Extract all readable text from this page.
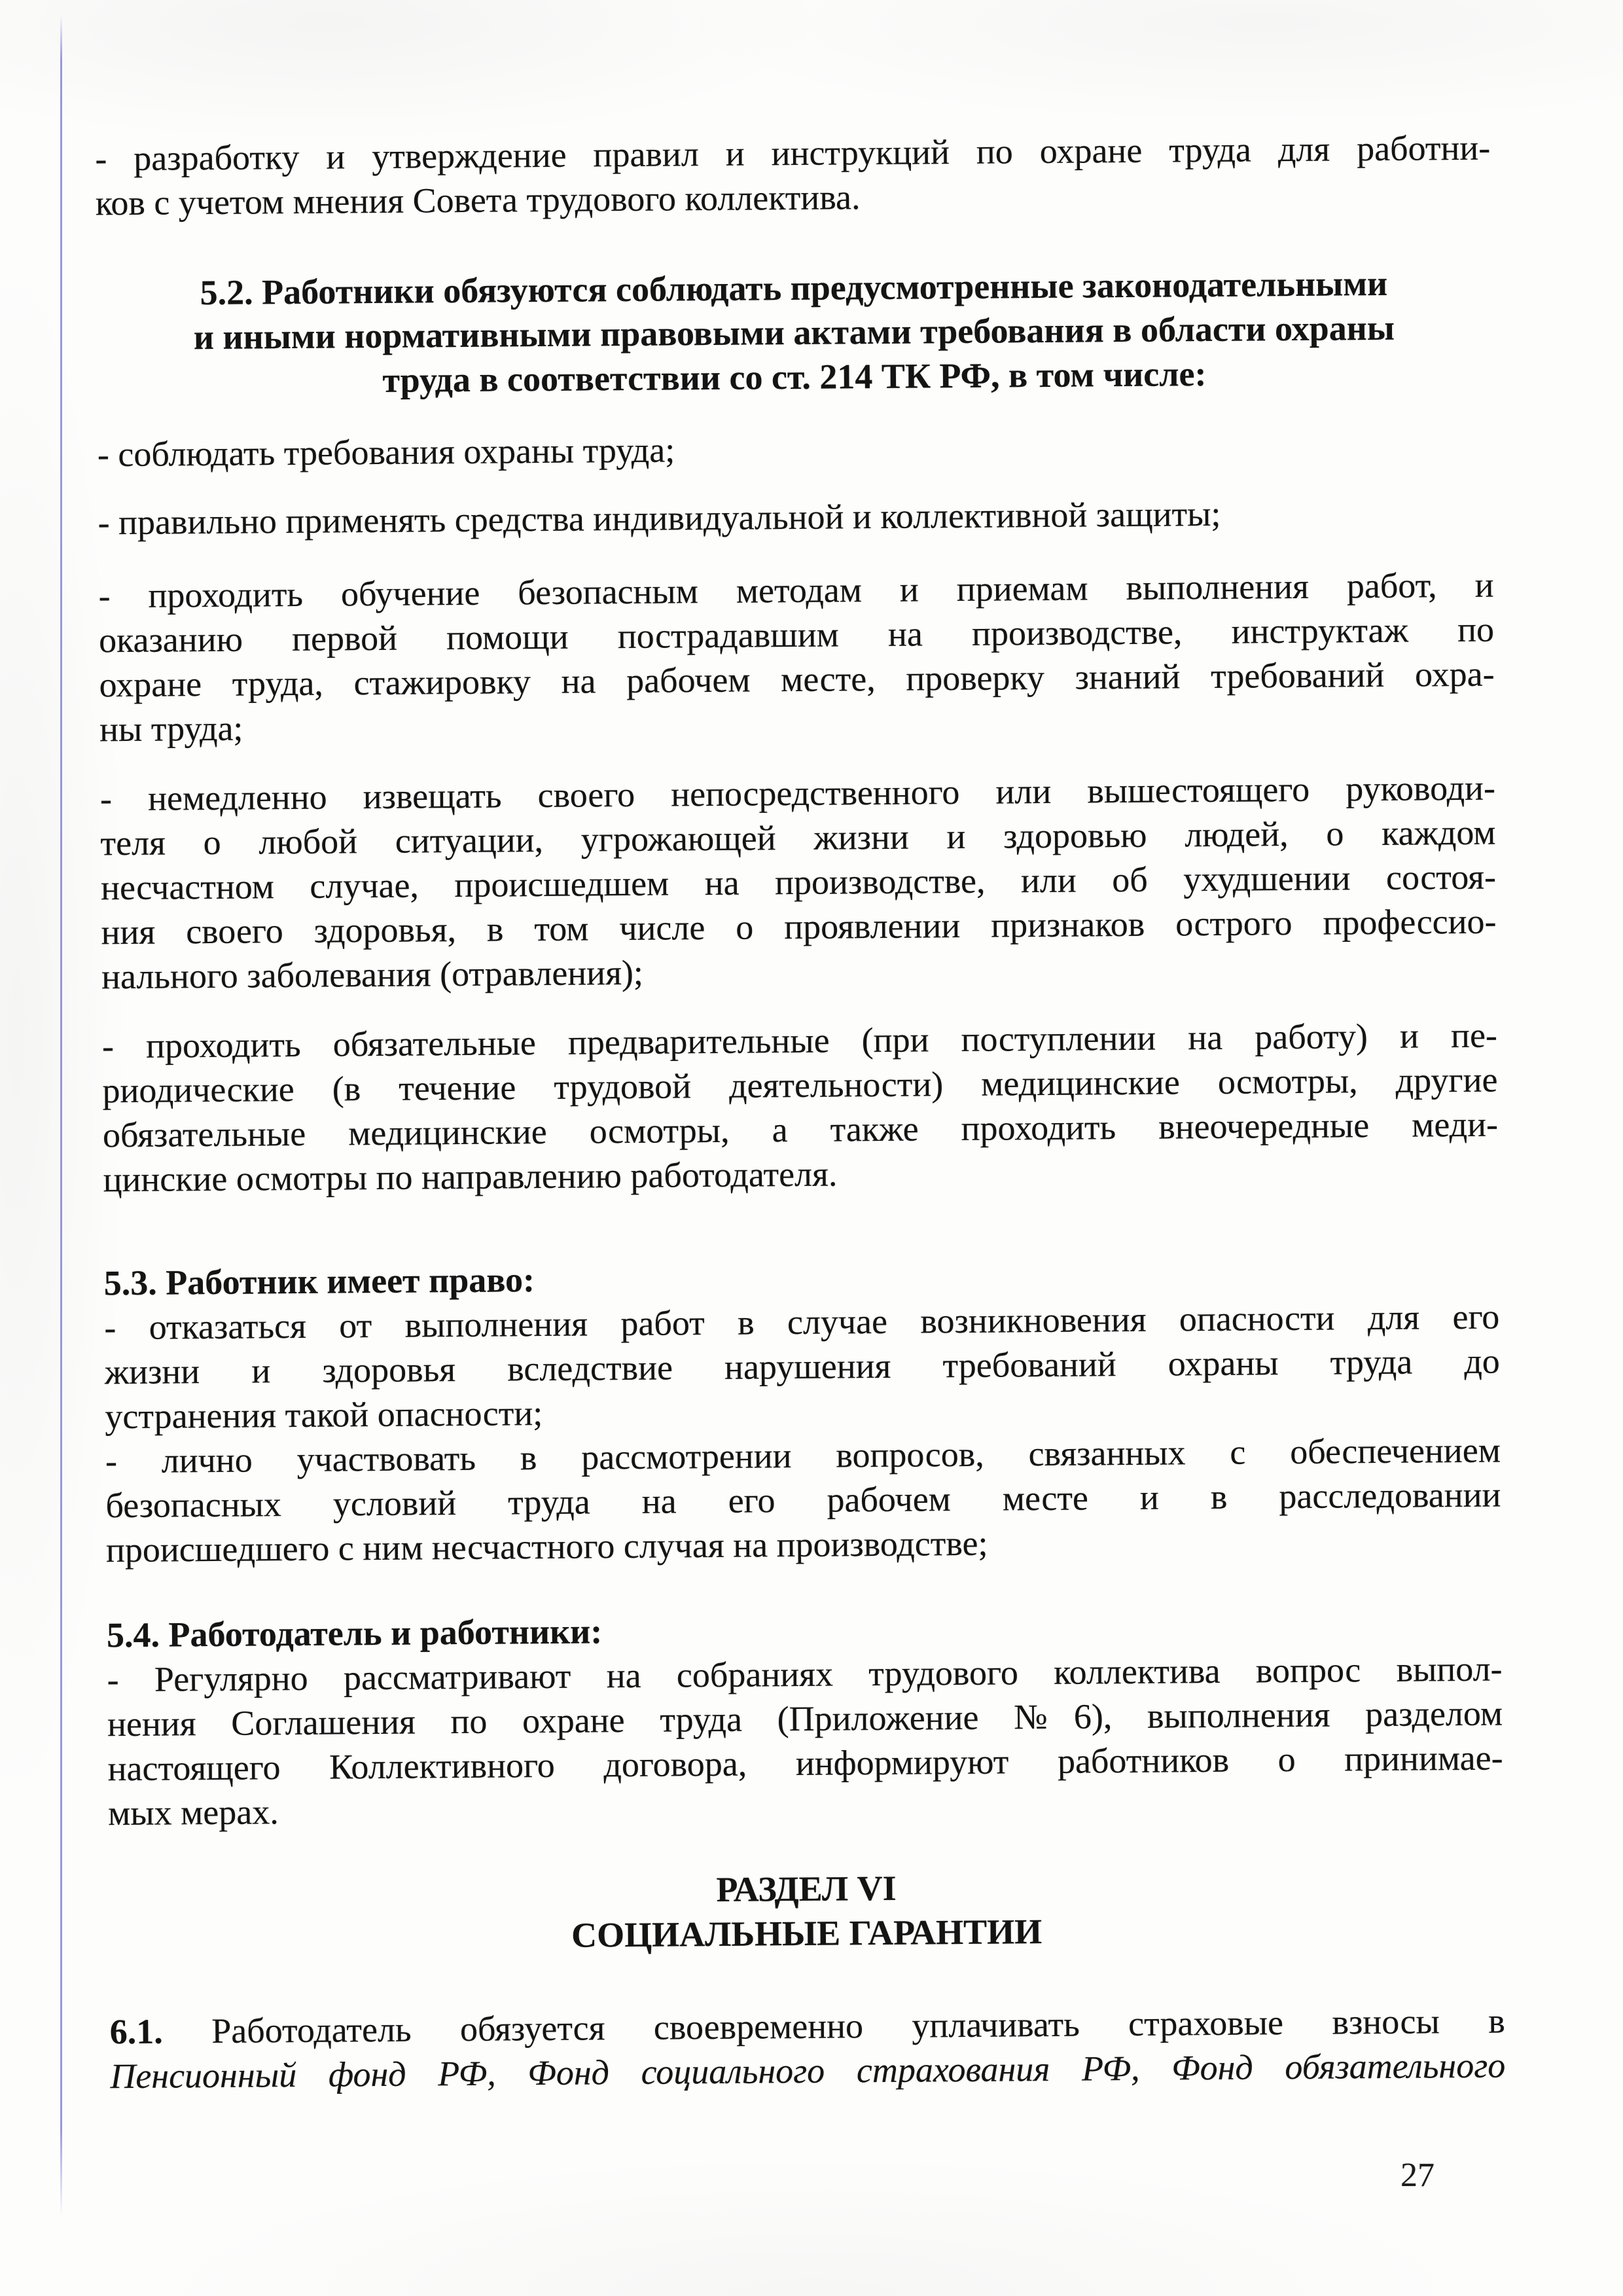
- разработку и утверждение правил и инструкций по охране труда для работни-
ков с учетом мнения Совета трудового коллектива.
5.2. Работники обязуются соблюдать предусмотренные законодательными
и иными нормативными правовыми актами требования в области охраны
труда в соответствии со ст. 214 ТК РФ, в том числе:
- соблюдать требования охраны труда;
- правильно применять средства индивидуальной и коллективной защиты;
- проходить обучение безопасным методам и приемам выполнения работ, и
оказанию первой помощи пострадавшим на производстве, инструктаж по
охране труда, стажировку на рабочем месте, проверку знаний требований охра-
ны труда;
- немедленно извещать своего непосредственного или вышестоящего руководи-
теля о любой ситуации, угрожающей жизни и здоровью людей, о каждом
несчастном случае, происшедшем на производстве, или об ухудшении состоя-
ния своего здоровья, в том числе о проявлении признаков острого профессио-
нального заболевания (отравления);
- проходить обязательные предварительные (при поступлении на работу) и пе-
риодические (в течение трудовой деятельности) медицинские осмотры, другие
обязательные медицинские осмотры, а также проходить внеочередные меди-
цинские осмотры по направлению работодателя.
5.3. Работник имеет право:
- отказаться от выполнения работ в случае возникновения опасности для его
жизни и здоровья вследствие нарушения требований охраны труда до
устранения такой опасности;
- лично участвовать в рассмотрении вопросов, связанных с обеспечением
безопасных условий труда на его рабочем месте и в расследовании
происшедшего с ним несчастного случая на производстве;
5.4. Работодатель и работники:
- Регулярно рассматривают на собраниях трудового коллектива вопрос выпол-
нения Соглашения по охране труда (Приложение №6), выполнения разделом
настоящего Коллективного договора, информируют работников о принимае-
мых мерах.
РАЗДЕЛ VI
СОЦИАЛЬНЫЕ ГАРАНТИИ
6.1. Работодатель обязуется своевременно уплачивать страховые взносы в
Пенсионный фонд РФ, Фонд социального страхования РФ, Фонд обязательного
27
